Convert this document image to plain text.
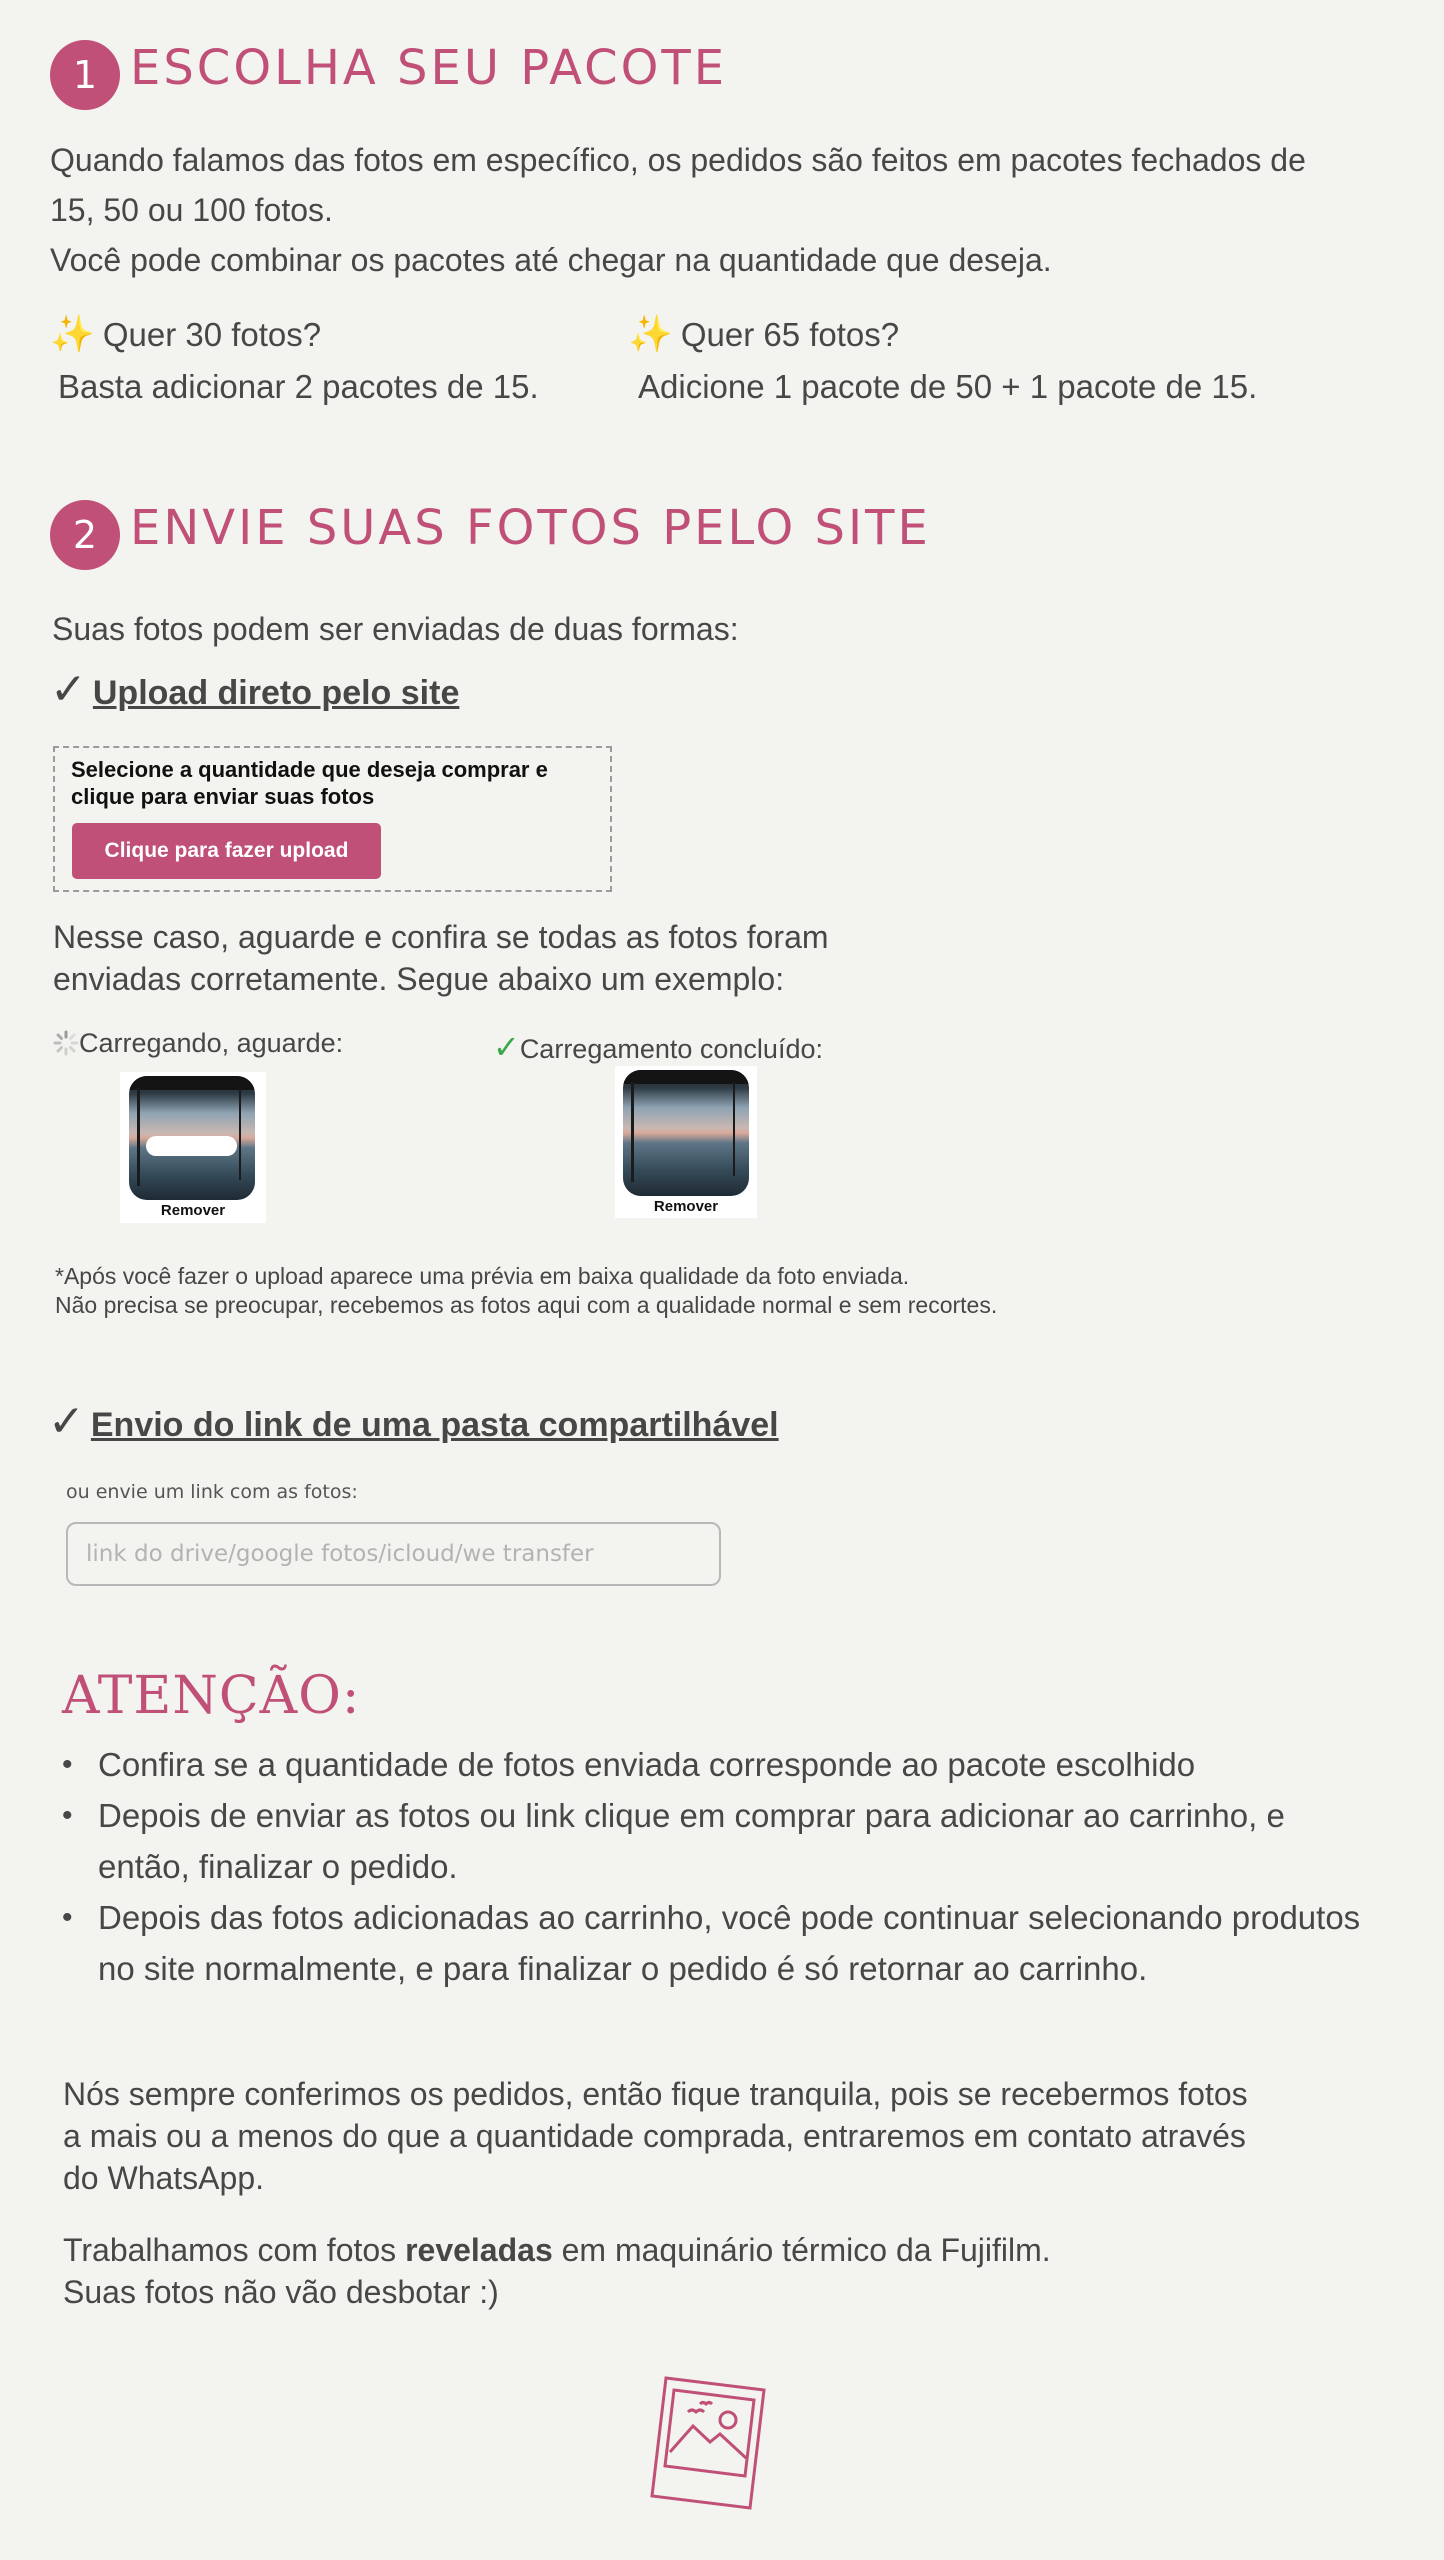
1 ESCOLHA SEU PACOTE
Quando falamos das fotos em específico, os pedidos são feitos em pacotes fechados de
15, 50 ou 100 fotos.
Você pode combinar os pacotes até chegar na quantidade que deseja.
✨ Quer 30 fotos?
Basta adicionar 2 pacotes de 15.
✨ Quer 65 fotos?
Adicione 1 pacote de 50 + 1 pacote de 15.
2 ENVIE SUAS FOTOS PELO SITE
Suas fotos podem ser enviadas de duas formas:
✓ Upload direto pelo site
Selecione a quantidade que deseja comprar e
clique para enviar suas fotos
Clique para fazer upload
Nesse caso, aguarde e confira se todas as fotos foram
enviadas corretamente. Segue abaixo um exemplo:
Carregando, aguarde:
Remover
✓Carregamento concluído:
Remover
*Após você fazer o upload aparece uma prévia em baixa qualidade da foto enviada.
Não precisa se preocupar, recebemos as fotos aqui com a qualidade normal e sem recortes.
✓ Envio do link de uma pasta compartilhável
ou envie um link com as fotos:
link do drive/google fotos/icloud/we transfer
ATENÇÃO:
• Confira se a quantidade de fotos enviada corresponde ao pacote escolhido
• Depois de enviar as fotos ou link clique em comprar para adicionar ao carrinho, e então, finalizar o pedido.
• Depois das fotos adicionadas ao carrinho, você pode continuar selecionando produtos no site normalmente, e para finalizar o pedido é só retornar ao carrinho.
Nós sempre conferimos os pedidos, então fique tranquila, pois se recebermos fotos
a mais ou a menos do que a quantidade comprada, entraremos em contato através
do WhatsApp.
Trabalhamos com fotos reveladas em maquinário térmico da Fujifilm.
Suas fotos não vão desbotar :)
